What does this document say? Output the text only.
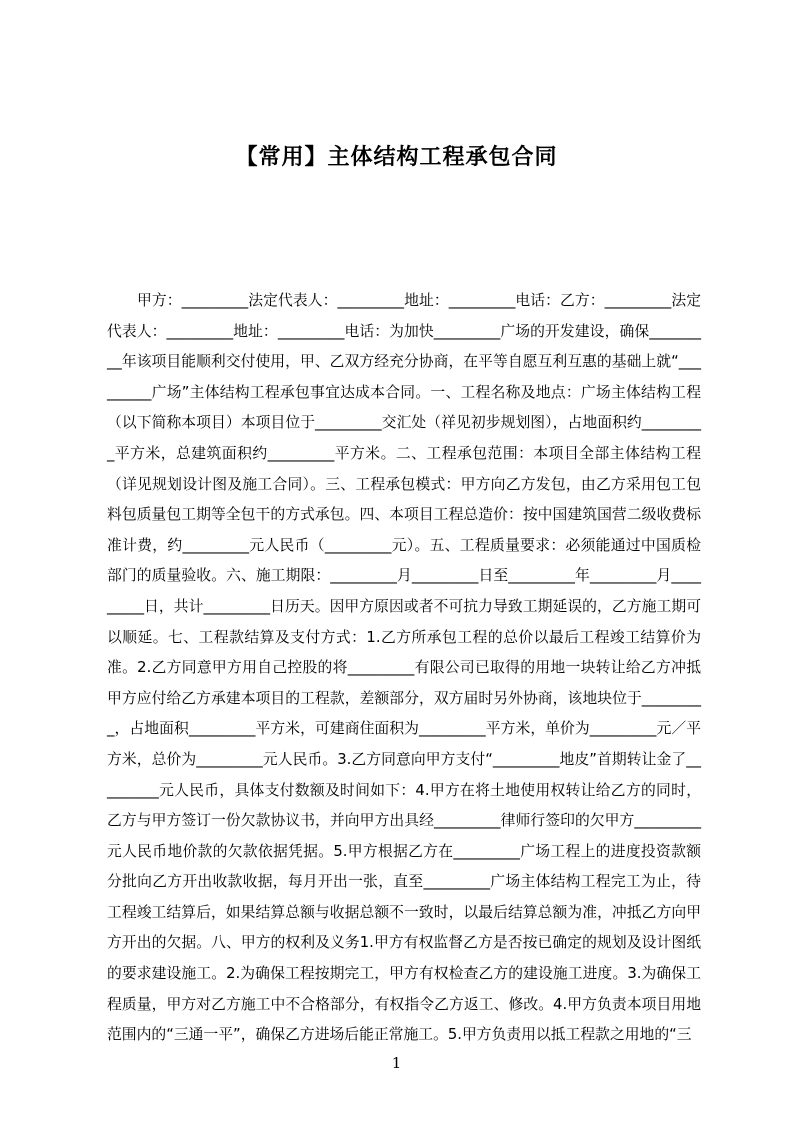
【常用】主体结构工程承包合同

甲方：_________法定代表人：_________地址：_________电话：乙方：_________法定代表人：_________地址：_________电话：为加快_________广场的开发建设，确保_________年该项目能顺利交付使用，甲、乙双方经充分协商，在平等自愿互利互惠的基础上就“_________广场”主体结构工程承包事宜达成本合同。一、工程名称及地点：广场主体结构工程（以下简称本项目）本项目位于_________交汇处（祥见初步规划图），占地面积约_________平方米，总建筑面积约_________平方米。二、工程承包范围：本项目全部主体结构工程（详见规划设计图及施工合同）。三、工程承包模式：甲方向乙方发包，由乙方采用包工包料包质量包工期等全包干的方式承包。四、本项目工程总造价：按中国建筑国营二级收费标准计费，约_________元人民币（_________元）。五、工程质量要求：必须能通过中国质检部门的质量验收。六、施工期限：_________月_________日至_________年_________月_________日，共计_________日历天。因甲方原因或者不可抗力导致工期延误的，乙方施工期可以顺延。七、工程款结算及支付方式：1.乙方所承包工程的总价以最后工程竣工结算价为准。2.乙方同意甲方用自己控股的将_________有限公司已取得的用地一块转让给乙方冲抵甲方应付给乙方承建本项目的工程款，差额部分，双方届时另外协商，该地块位于_________，占地面积_________平方米，可建商住面积为_________平方米，单价为_________元／平方米，总价为_________元人民币。3.乙方同意向甲方支付“_________地皮”首期转让金了_________元人民币，具体支付数额及时间如下：4.甲方在将土地使用权转让给乙方的同时，乙方与甲方签订一份欠款协议书，并向甲方出具经_________律师行签印的欠甲方_________元人民币地价款的欠款依据凭据。5.甲方根据乙方在_________广场工程上的进度投资款额分批向乙方开出收款收据，每月开出一张，直至_________广场主体结构工程完工为止，待工程竣工结算后，如果结算总额与收据总额不一致时，以最后结算总额为准，冲抵乙方向甲方开出的欠据。八、甲方的权利及义务1.甲方有权监督乙方是否按已确定的规划及设计图纸的要求建设施工。2.为确保工程按期完工，甲方有权检查乙方的建设施工进度。3.为确保工程质量，甲方对乙方施工中不合格部分，有权指令乙方返工、修改。4.甲方负责本项目用地范围内的“三通一平”，确保乙方进场后能正常施工。5.甲方负责用以抵工程款之用地的“三

1
